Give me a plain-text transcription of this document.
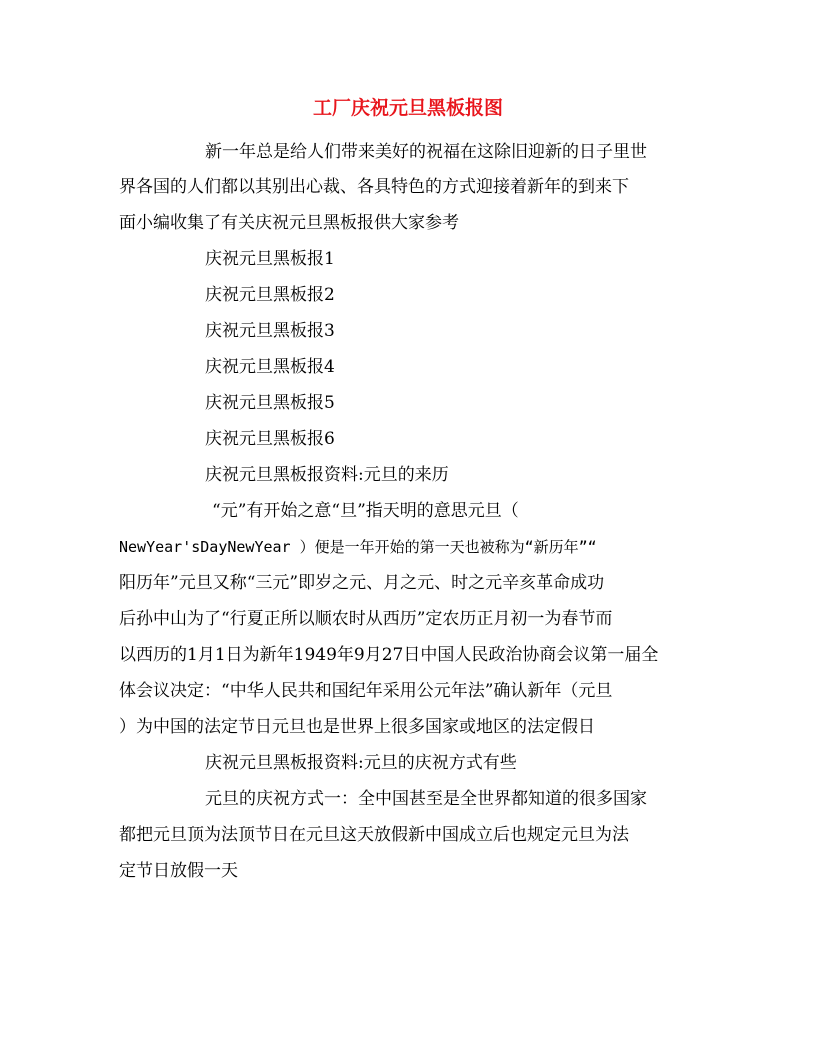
工厂庆祝元旦黑板报图
新一年总是给人们带来美好的祝福在这除旧迎新的日子里世
界各国的人们都以其别出心裁、各具特色的方式迎接着新年的到来下
面小编收集了有关庆祝元旦黑板报供大家参考
庆祝元旦黑板报1
庆祝元旦黑板报2
庆祝元旦黑板报3
庆祝元旦黑板报4
庆祝元旦黑板报5
庆祝元旦黑板报6
庆祝元旦黑板报资料:元旦的来历
“元”有开始之意“旦”指天明的意思元旦（
NewYear'sDayNewYear ）便是一年开始的第一天也被称为“新历年”“
阳历年”元旦又称“三元”即岁之元、月之元、时之元辛亥革命成功
后孙中山为了“行夏正所以顺农时从西历”定农历正月初一为春节而
以西历的1月1日为新年1949年9月27日中国人民政治协商会议第一届全
体会议决定：“中华人民共和国纪年采用公元年法”确认新年（元旦
）为中国的法定节日元旦也是世界上很多国家或地区的法定假日
庆祝元旦黑板报资料:元旦的庆祝方式有些
元旦的庆祝方式一：全中国甚至是全世界都知道的很多国家
都把元旦顶为法顶节日在元旦这天放假新中国成立后也规定元旦为法
定节日放假一天
